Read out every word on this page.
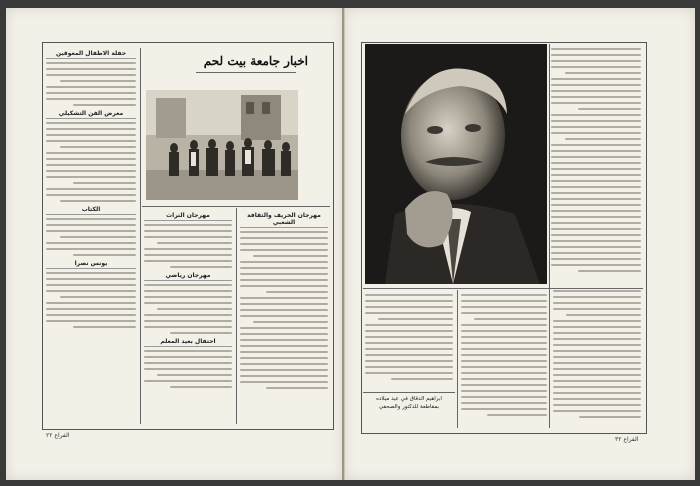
اخبار جامعة بيت لحم
حفلة الاطفال المعوقين
معرض الفن التشكيلي
الكتاب
يونس نصرا
مهرجان التراث
مهرجان رياضي
احتفال بعيد المعلم
مهرجان الخريف والثقافة الشعبي
الفراع ٢٢
ابراهيم الدقاق في عيد ميلاده
بمقاطعة للدكتور والصحفي
الفراع ٣٢
